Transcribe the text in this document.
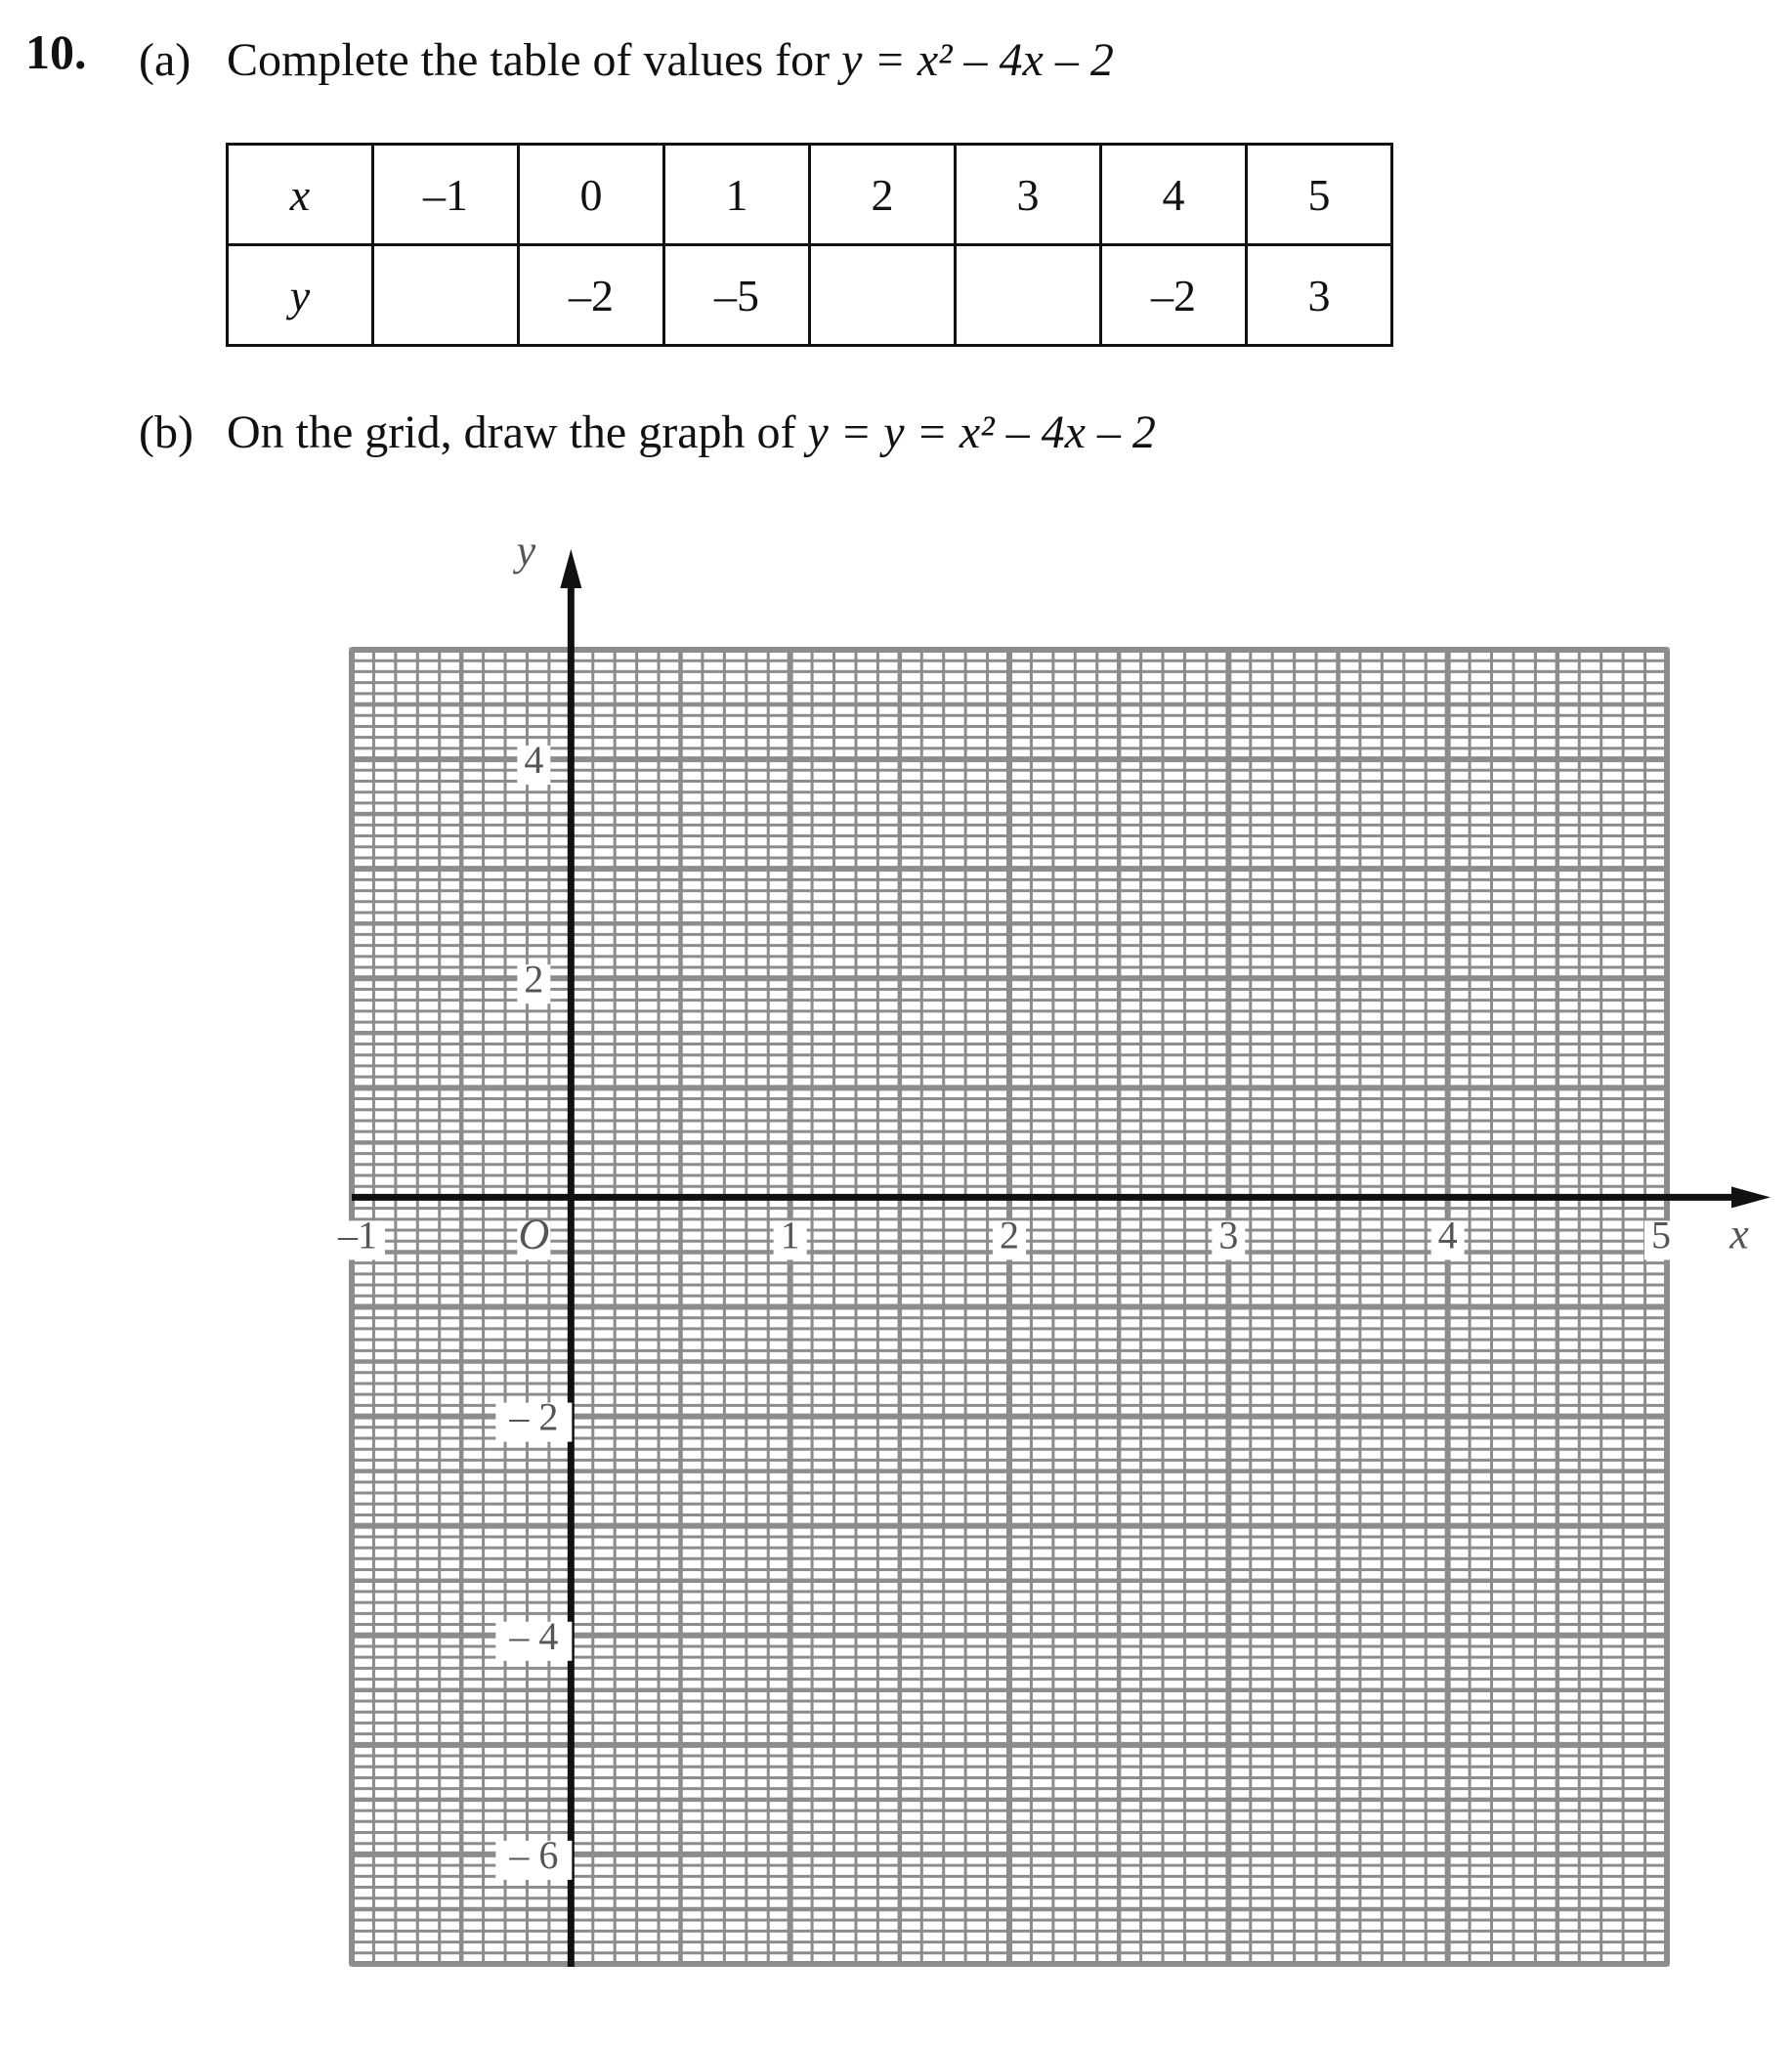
10. (a) Complete the table of values for y = x² – 4x – 2
x	–1	0	1	2	3	4	5
y		–2	–5			–2	3
(b) On the grid, draw the graph of y = y = x² – 4x – 2
–1	O	1	2	3	4	5
4
2
– 2
– 4
– 6
x
y
